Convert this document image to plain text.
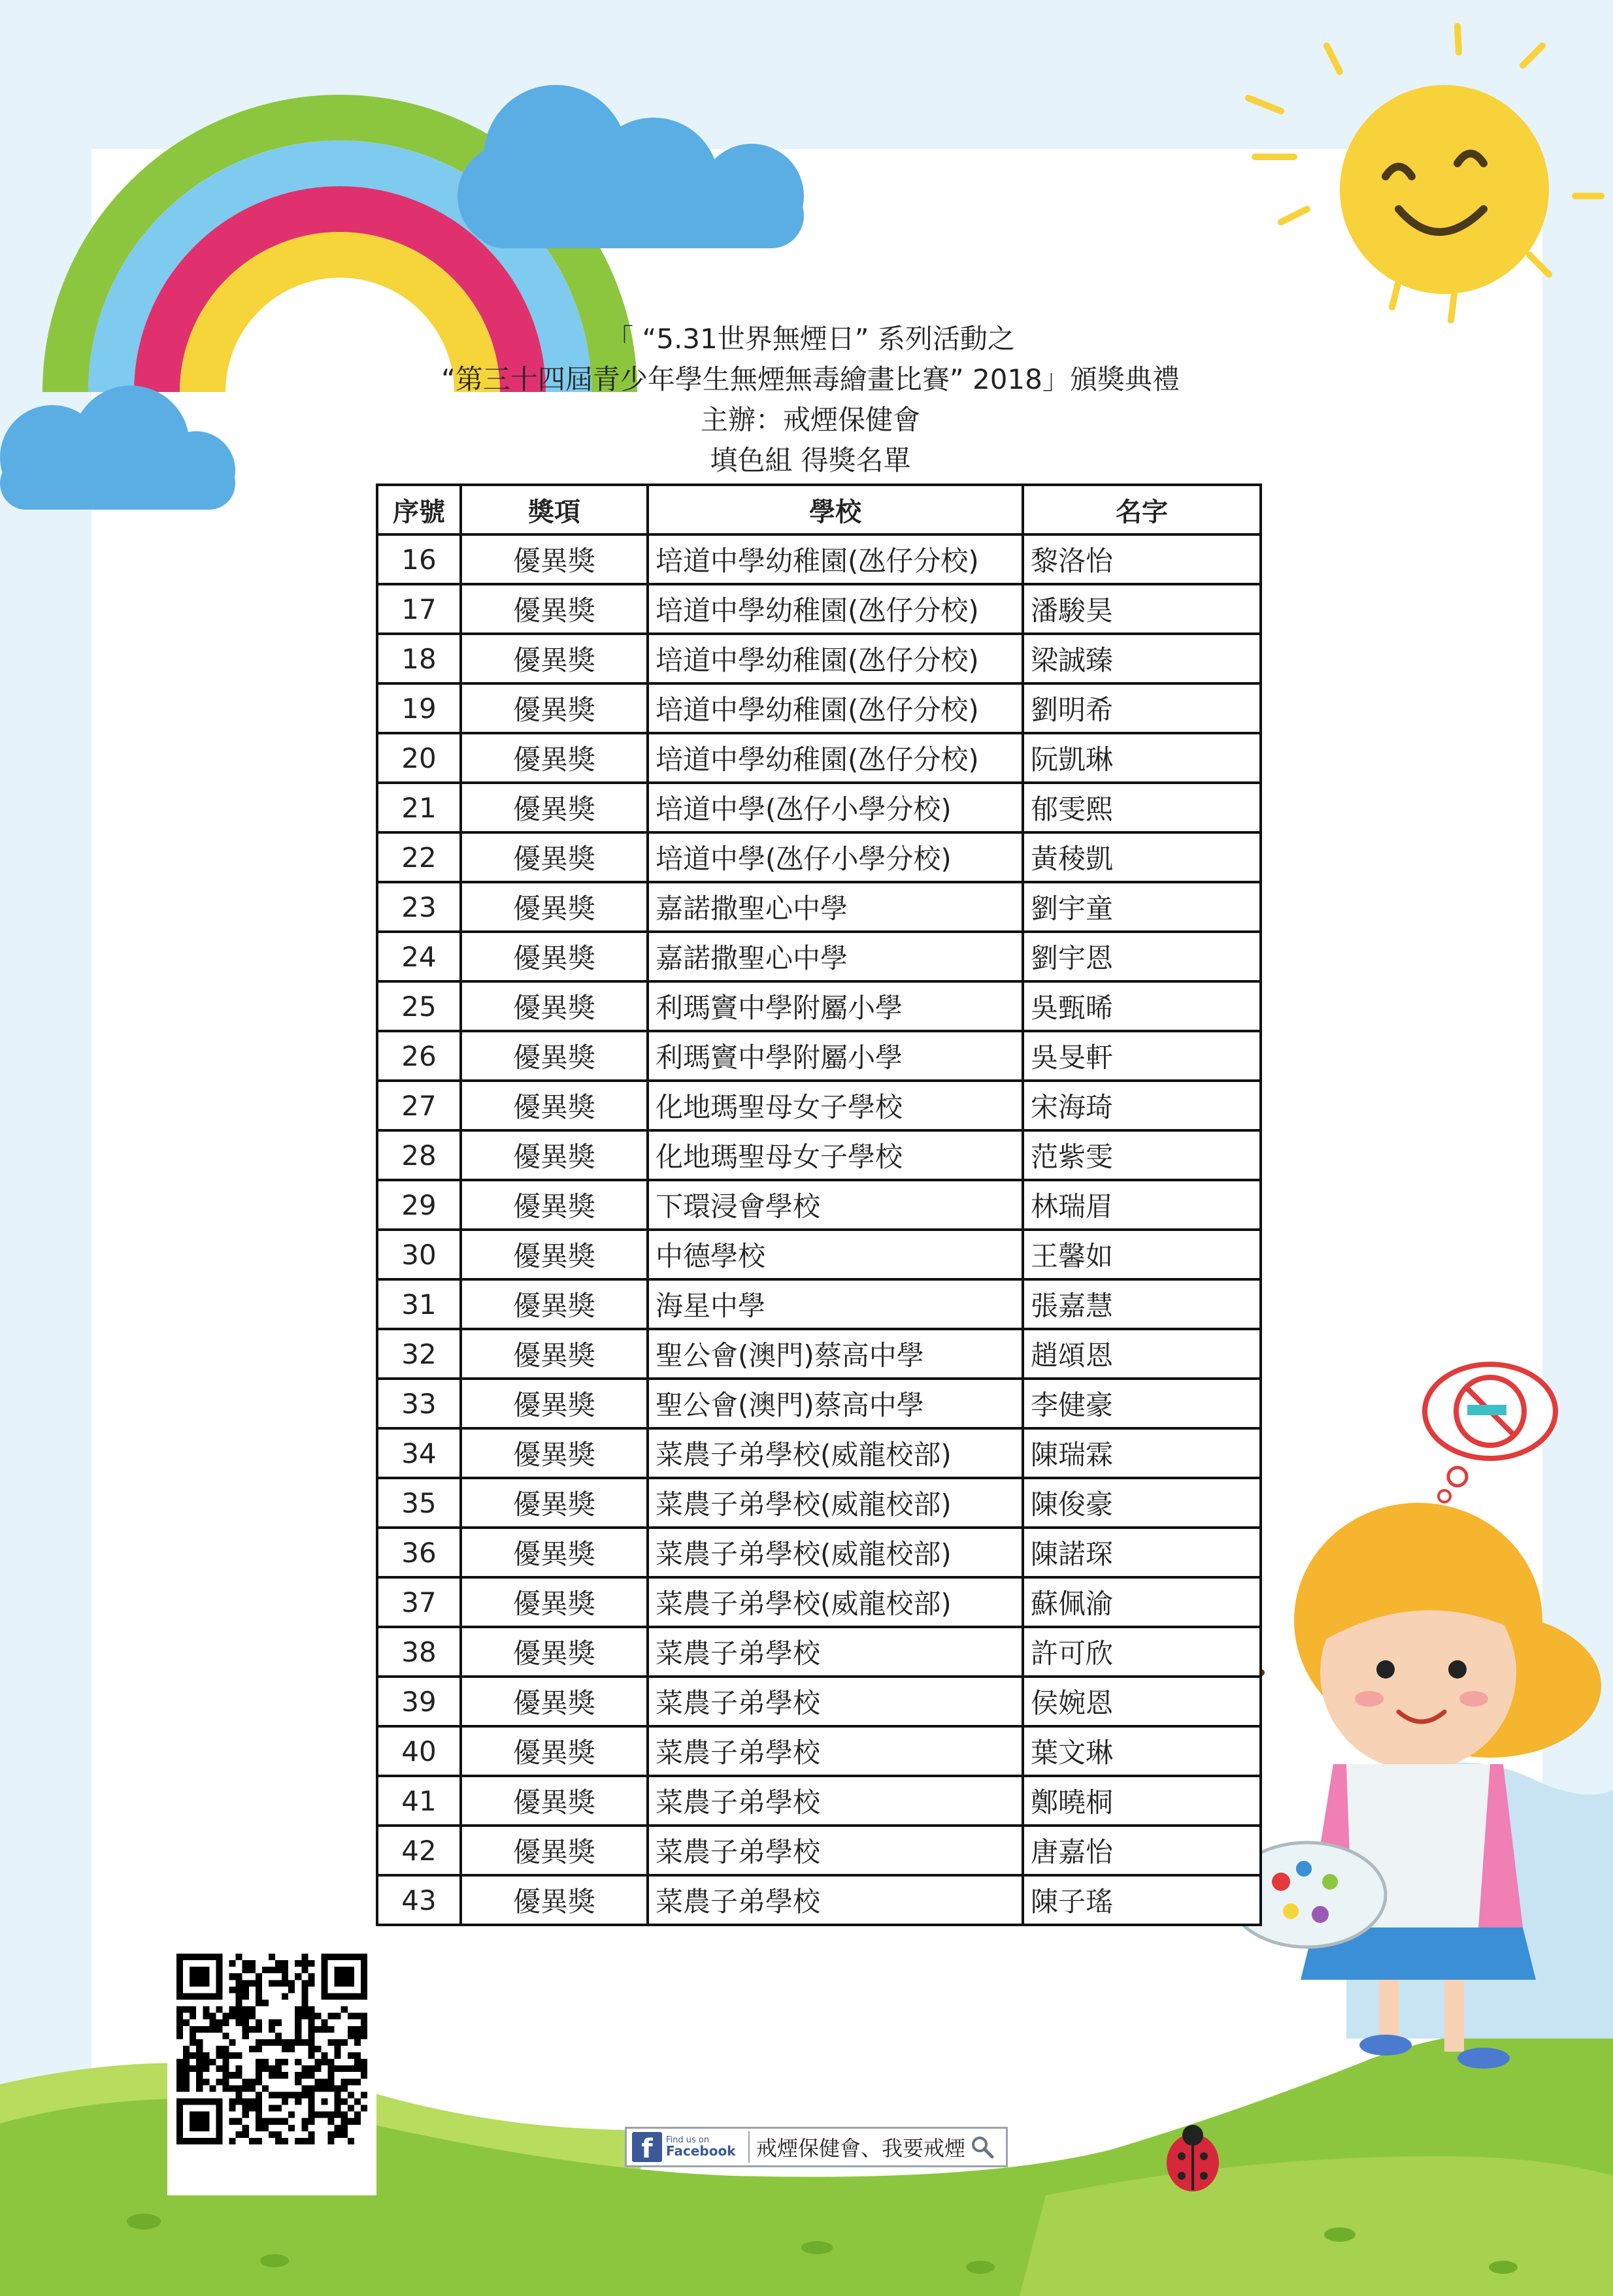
「 “5.31世界無煙日” 系列活動之
“第三十四屆青少年學生無煙無毒繪畫比賽” 2018」頒獎典禮
主辦：戒煙保健會
填色組 得獎名單
序號	獎項	學校	名字
16	優異獎	培道中學幼稚園(氹仔分校)	黎洛怡
17	優異獎	培道中學幼稚園(氹仔分校)	潘駿昊
18	優異獎	培道中學幼稚園(氹仔分校)	梁誠臻
19	優異獎	培道中學幼稚園(氹仔分校)	劉明希
20	優異獎	培道中學幼稚園(氹仔分校)	阮凱琳
21	優異獎	培道中學(氹仔小學分校)	郁雯熙
22	優異獎	培道中學(氹仔小學分校)	黃稜凱
23	優異獎	嘉諾撒聖心中學	劉宇童
24	優異獎	嘉諾撒聖心中學	劉宇恩
25	優異獎	利瑪竇中學附屬小學	吳甄晞
26	優異獎	利瑪竇中學附屬小學	吳旻軒
27	優異獎	化地瑪聖母女子學校	宋海琦
28	優異獎	化地瑪聖母女子學校	范紫雯
29	優異獎	下環浸會學校	林瑞眉
30	優異獎	中德學校	王馨如
31	優異獎	海星中學	張嘉慧
32	優異獎	聖公會(澳門)蔡高中學	趙頌恩
33	優異獎	聖公會(澳門)蔡高中學	李健豪
34	優異獎	菜農子弟學校(威龍校部)	陳瑞霖
35	優異獎	菜農子弟學校(威龍校部)	陳俊豪
36	優異獎	菜農子弟學校(威龍校部)	陳諾琛
37	優異獎	菜農子弟學校(威龍校部)	蘇佩渝
38	優異獎	菜農子弟學校	許可欣
39	優異獎	菜農子弟學校	侯婉恩
40	優異獎	菜農子弟學校	葉文琳
41	優異獎	菜農子弟學校	鄭曉桐
42	優異獎	菜農子弟學校	唐嘉怡
43	優異獎	菜農子弟學校	陳子瑤
f	Find us on
Facebook 戒煙保健會、我要戒煙
